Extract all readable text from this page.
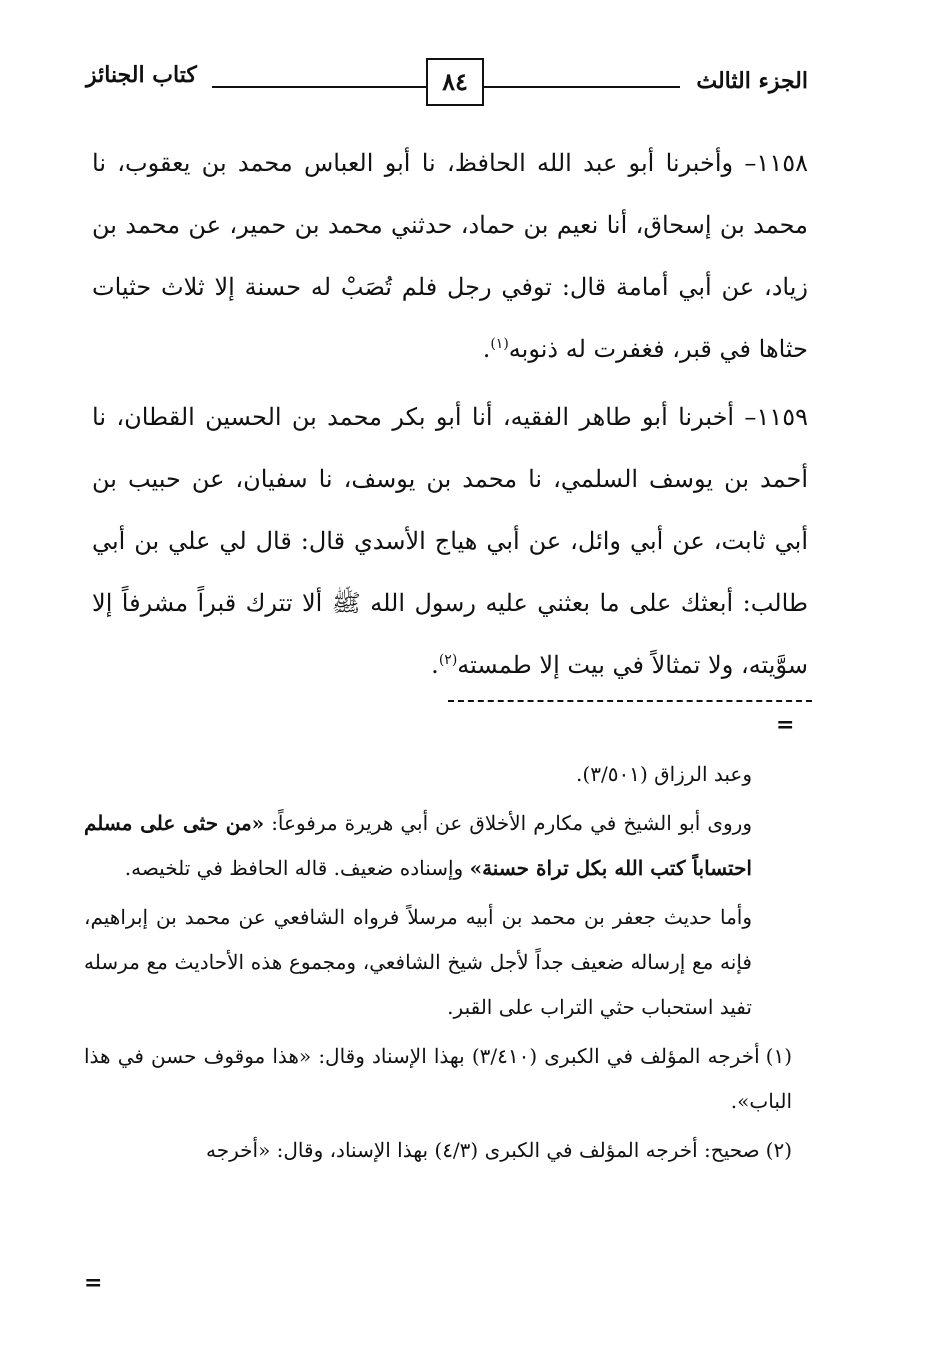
كتاب الجنائز	٨٤	الجزء الثالث

١١٥٨– وأخبرنا أبو عبد الله الحافظ، نا أبو العباس محمد بن يعقوب، نا محمد بن إسحاق، أنا نعيم بن حماد، حدثني محمد بن حمير، عن محمد بن زياد، عن أبي أمامة قال: توفي رجل فلم تُصَبْ له حسنة إلا ثلاث حثيات حثاها في قبر، فغفرت له ذنوبه$^{(١)}$.

١١٥٩– أخبرنا أبو طاهر الفقيه، أنا أبو بكر محمد بن الحسين القطان، نا أحمد بن يوسف السلمي، نا محمد بن يوسف، نا سفيان، عن حبيب بن أبي ثابت، عن أبي وائل، عن أبي هياج الأسدي قال: قال لي علي بن أبي طالب: أبعثك على ما بعثني عليه رسول الله ﷺ ألا تترك قبراً مشرفاً إلا سوَّيته، ولا تمثالاً في بيت إلا طمسته$^{(٢)}$.

=

وعبد الرزاق (٣/٥٠١).

وروى أبو الشيخ في مكارم الأخلاق عن أبي هريرة مرفوعاً: «من حثى على مسلم احتساباً كتب الله بكل تراة حسنة» وإسناده ضعيف. قاله الحافظ في تلخيصه.

وأما حديث جعفر بن محمد بن أبيه مرسلاً فرواه الشافعي عن محمد بن إبراهيم، فإنه مع إرساله ضعيف جداً لأجل شيخ الشافعي، ومجموع هذه الأحاديث مع مرسله تفيد استحباب حثي التراب على القبر.

(١)أخرجه المؤلف في الكبرى (٣/٤١٠) بهذا الإسناد وقال: «هذا موقوف حسن في هذا الباب».

(٢)صحيح: أخرجه المؤلف في الكبرى (٤/٣) بهذا الإسناد، وقال: «أخرجه

=
